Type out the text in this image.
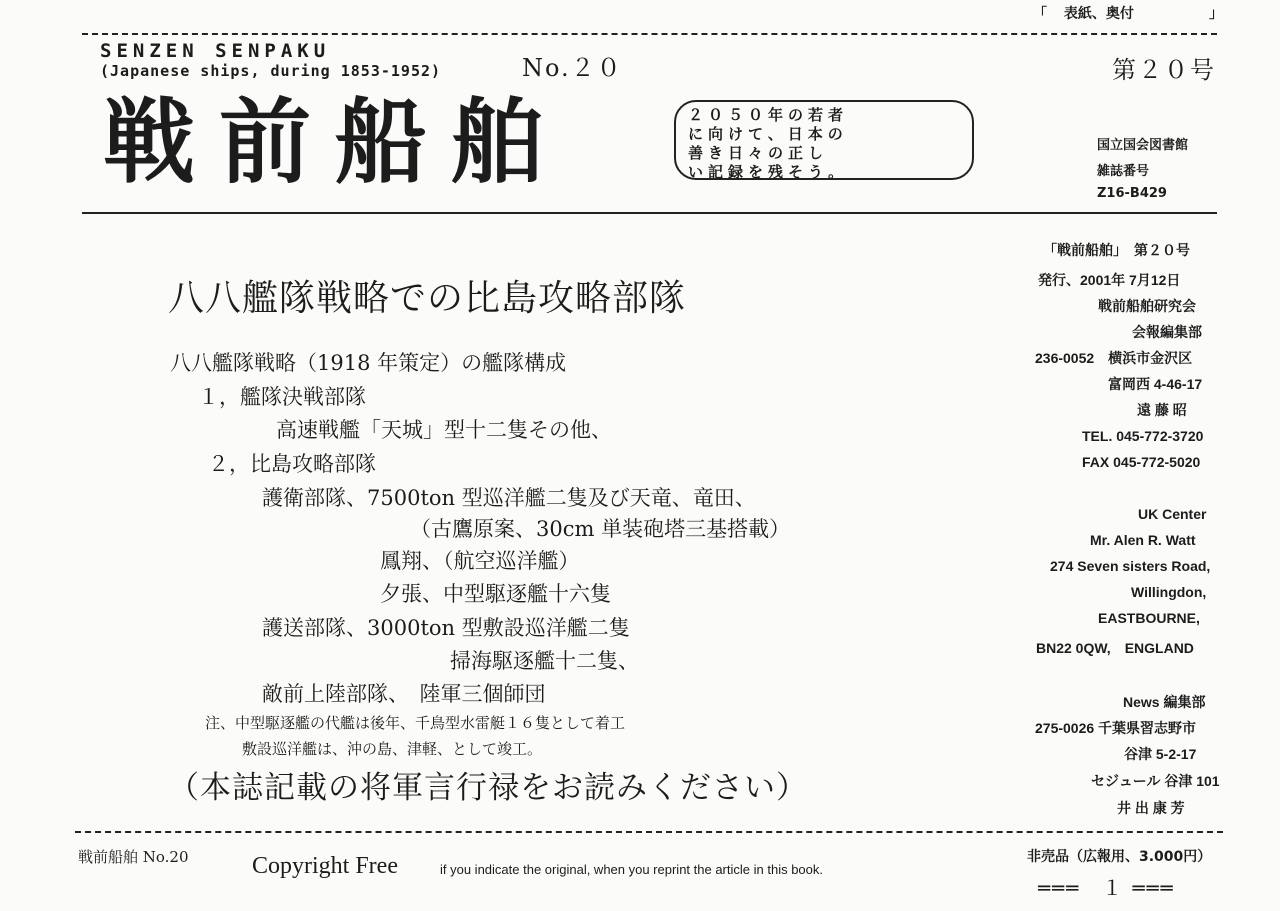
「 表紙、奥付	」
SENZEN SENPAKU
(Japanese ships, during 1853-1952)	No.２０	第２０号
戦前船舶	２０５０年の若者
に向けて、日本の
善き日々の正し
い記録を残そう。
国立国会図書館
雑誌番号
Z16-B429
「戦前船舶」　第２０号
発行、2001年 7月12日
戦前船舶研究会
会報編集部
236-0052　横浜市金沢区
富岡西 4-46-17
遠 藤 昭
TEL. 045-772-3720
FAX 045-772-5020
UK Center
Mr. Alen R. Watt
274 Seven sisters Road,
Willingdon,
EASTBOURNE,
BN22 0QW,　ENGLAND
News 編集部
275-0026 千葉県習志野市
谷津 5-2-17
セジュール 谷津 101
井 出 康 芳
八八艦隊戦略での比島攻略部隊
八八艦隊戦略（1918 年策定）の艦隊構成
１，艦隊決戦部隊
高速戦艦「天城」型十二隻その他、
２，比島攻略部隊
護衛部隊、7500ton 型巡洋艦二隻及び天竜、竜田、
（古鷹原案、30cm 単装砲塔三基搭載）
鳳翔、（航空巡洋艦）
夕張、中型駆逐艦十六隻
護送部隊、3000ton 型敷設巡洋艦二隻
掃海駆逐艦十二隻、
敵前上陸部隊、　陸軍三個師団
注、中型駆逐艦の代艦は後年、千鳥型水雷艇１６隻として着工
敷設巡洋艦は、沖の島、津軽、として竣工。
（本誌記載の将軍言行禄をお読みください）
戦前船舶 No.20	Copyright Free	if you indicate the original, when you reprint the article in this book.
非売品（広報用、3.000円）
═══　１ ═══
